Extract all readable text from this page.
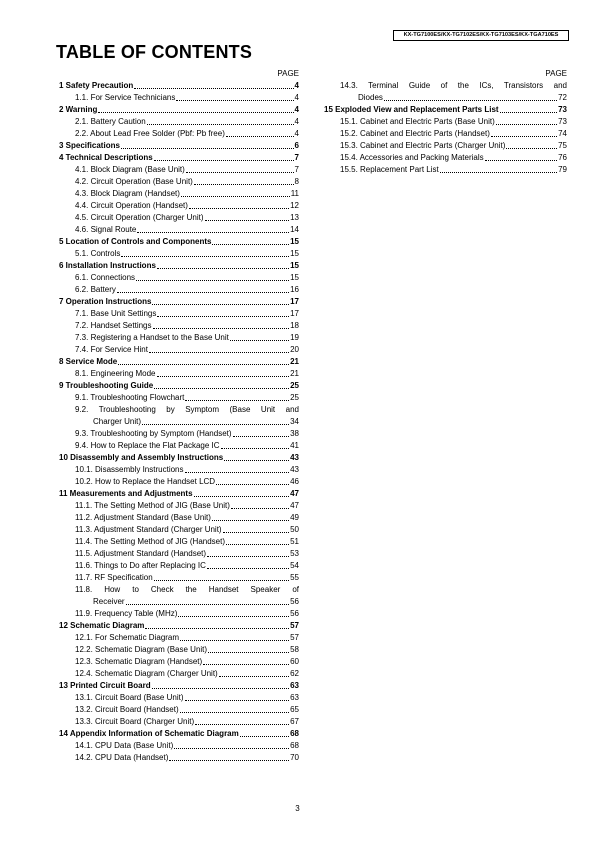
KX-TG7100ES/KX-TG7102ES/KX-TG7103ES/KX-TGA710ES
TABLE OF CONTENTS
PAGE
1 Safety Precaution	4
1.1. For Service Technicians	4
2 Warning	4
2.1. Battery Caution	4
2.2. About Lead Free Solder (Pbf: Pb free)	4
3 Specifications	6
4 Technical Descriptions	7
4.1. Block Diagram (Base Unit)	7
4.2. Circuit Operation (Base Unit)	8
4.3. Block Diagram (Handset)	11
4.4. Circuit Operation (Handset)	12
4.5. Circuit Operation (Charger Unit)	13
4.6. Signal Route	14
5 Location of Controls and Components	15
5.1. Controls	15
6 Installation Instructions	15
6.1. Connections	15
6.2. Battery	16
7 Operation Instructions	17
7.1. Base Unit Settings	17
7.2. Handset Settings	18
7.3. Registering a Handset to the Base Unit	19
7.4. For Service Hint	20
8 Service Mode	21
8.1. Engineering Mode	21
9 Troubleshooting Guide	25
9.1. Troubleshooting Flowchart	25
9.2. Troubleshooting by Symptom (Base Unit and
Charger Unit)	34
9.3. Troubleshooting by Symptom (Handset)	38
9.4. How to Replace the Flat Package IC	41
10 Disassembly and Assembly Instructions	43
10.1. Disassembly Instructions	43
10.2. How to Replace the Handset LCD	46
11 Measurements and Adjustments	47
11.1. The Setting Method of JIG (Base Unit)	47
11.2. Adjustment Standard (Base Unit)	49
11.3. Adjustment Standard (Charger Unit)	50
11.4. The Setting Method of JIG (Handset)	51
11.5. Adjustment Standard (Handset)	53
11.6. Things to Do after Replacing IC	54
11.7. RF Specification	55
11.8. How to Check the Handset Speaker of
Receiver	56
11.9. Frequency Table (MHz)	56
12 Schematic Diagram	57
12.1. For Schematic Diagram	57
12.2. Schematic Diagram (Base Unit)	58
12.3. Schematic Diagram (Handset)	60
12.4. Schematic Diagram (Charger Unit)	62
13 Printed Circuit Board	63
13.1. Circuit Board (Base Unit)	63
13.2. Circuit Board (Handset)	65
13.3. Circuit Board (Charger Unit)	67
14 Appendix Information of Schematic Diagram	68
14.1. CPU Data (Base Unit)	68
14.2. CPU Data (Handset)	70
PAGE
14.3. Terminal Guide of the ICs, Transistors and
Diodes	72
15 Exploded View and Replacement Parts List	73
15.1. Cabinet and Electric Parts (Base Unit)	73
15.2. Cabinet and Electric Parts (Handset)	74
15.3. Cabinet and Electric Parts (Charger Unit)	75
15.4. Accessories and Packing Materials	76
15.5. Replacement Part List	79
3
